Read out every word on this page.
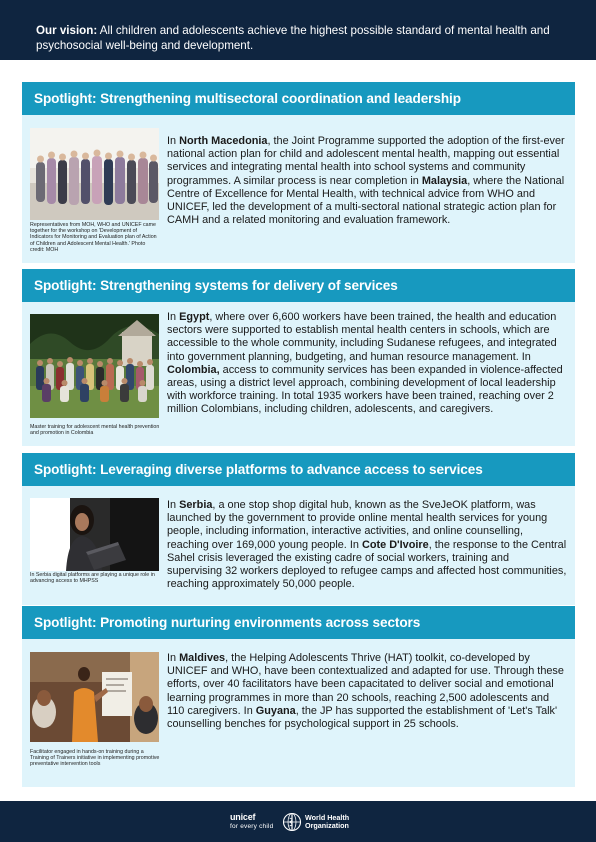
Our vision: All children and adolescents achieve the highest possible standard of mental health and psychosocial well-being and development.
Spotlight: Strengthening multisectoral coordination and leadership
Representatives from MOH, WHO and UNICEF came together for the workshop on 'Development of Indicators for Monitoring and Evaluation plan of Action of Children and Adolescent Mental Health.' Photo credit: MOH
In North Macedonia, the Joint Programme supported the adoption of the first-ever national action plan for child and adolescent mental health, mapping out essential services and integrating mental health into school systems and community programmes. A similar process is near completion in Malaysia, where the National Centre of Excellence for Mental Health, with technical advice from WHO and UNICEF, led the development of a multi-sectoral national strategic action plan for CAMH and a related monitoring and evaluation framework.
Spotlight: Strengthening systems for delivery of services
Master training for adolescent mental health prevention and promotion in Colombia
In Egypt, where over 6,600 workers have been trained, the health and education sectors were supported to establish mental health centers in schools, which are accessible to the whole community, including Sudanese refugees, and integrated into government planning, budgeting, and human resource management. In Colombia, access to community services has been expanded in violence-affected areas, using a district level approach, combining development of local leadership with workforce training. In total 1935 workers have been trained, reaching over 2 million Colombians, including children, adolescents, and caregivers.
Spotlight: Leveraging diverse platforms to advance access to services
In Serbia digital platforms are playing a unique role in advancing access to MHPSS
In Serbia, a one stop shop digital hub, known as the SveJeOK platform, was launched by the government to provide online mental health services for young people, including information, interactive activities, and online counselling, reaching over 169,000 young people. In Cote D'Ivoire, the response to the Central Sahel crisis leveraged the existing cadre of social workers, training and supervising 32 workers deployed to refugee camps and affected host communities, reaching approximately 50,000 people.
Spotlight: Promoting nurturing environments across sectors
Facilitator engaged in hands-on training during a Training of Trainers initiative in implementing promotive preventative intervention tools
In Maldives, the Helping Adolescents Thrive (HAT) toolkit, co-developed by UNICEF and WHO, have been contextualized and adapted for use. Through these efforts, over 40 facilitators have been capacitated to deliver social and emotional learning programmes in more than 20 schools, reaching 2,500 adolescents and 110 caregivers. In Guyana, the JP has supported the establishment of 'Let's Talk' counselling benches for psychological support in 25 schools.
unicef
for every child
World Health
Organization
